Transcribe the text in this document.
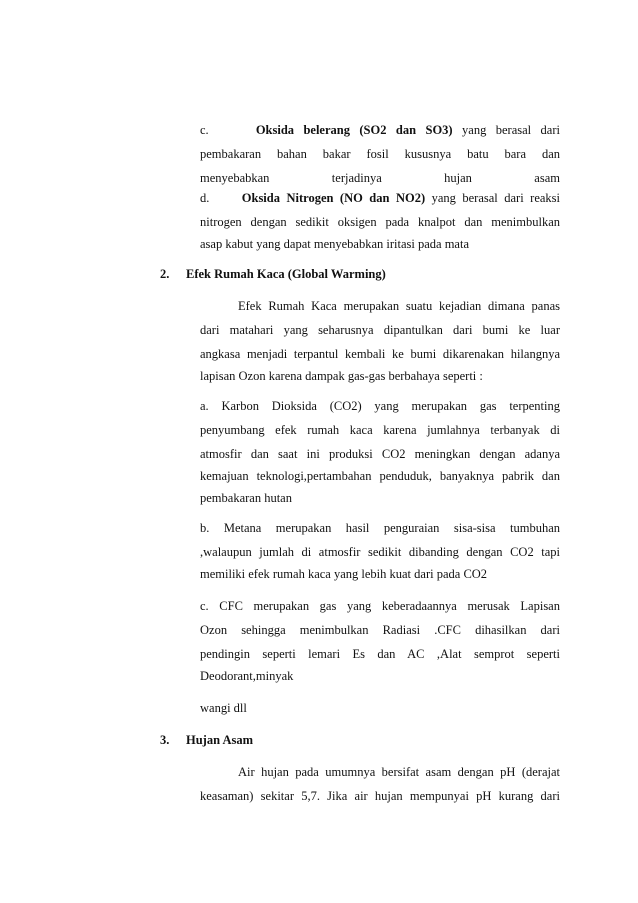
c.	Oksida belerang (SO2 dan SO3) yang berasal dari
pembakaran bahan bakar fosil kususnya batu bara dan
menyebabkan terjadinya hujan asam
d.	Oksida Nitrogen (NO dan NO2) yang berasal dari reaksi
nitrogen dengan sedikit oksigen pada knalpot dan menimbulkan
asap kabut yang dapat menyebabkan iritasi pada mata
2. Efek Rumah Kaca (Global Warming)
Efek Rumah Kaca merupakan suatu kejadian dimana panas
dari matahari yang seharusnya dipantulkan dari bumi ke luar
angkasa menjadi terpantul kembali ke bumi dikarenakan hilangnya
lapisan Ozon karena dampak gas-gas berbahaya seperti :
a. Karbon Dioksida (CO2) yang merupakan gas terpenting
penyumbang efek rumah kaca karena jumlahnya terbanyak di
atmosfir dan saat ini produksi CO2 meningkan dengan adanya
kemajuan teknologi,pertambahan penduduk, banyaknya pabrik dan
pembakaran hutan
b. Metana merupakan hasil penguraian sisa-sisa tumbuhan
,walaupun jumlah di atmosfir sedikit dibanding dengan CO2 tapi
memiliki efek rumah kaca yang lebih kuat dari pada CO2
c. CFC merupakan gas yang keberadaannya merusak Lapisan
Ozon sehingga menimbulkan Radiasi .CFC dihasilkan dari
pendingin seperti lemari Es dan AC ,Alat semprot seperti
Deodorant,minyak
wangi dll
3. Hujan Asam
Air hujan pada umumnya bersifat asam dengan pH (derajat
keasaman) sekitar 5,7. Jika air hujan mempunyai pH kurang dari
